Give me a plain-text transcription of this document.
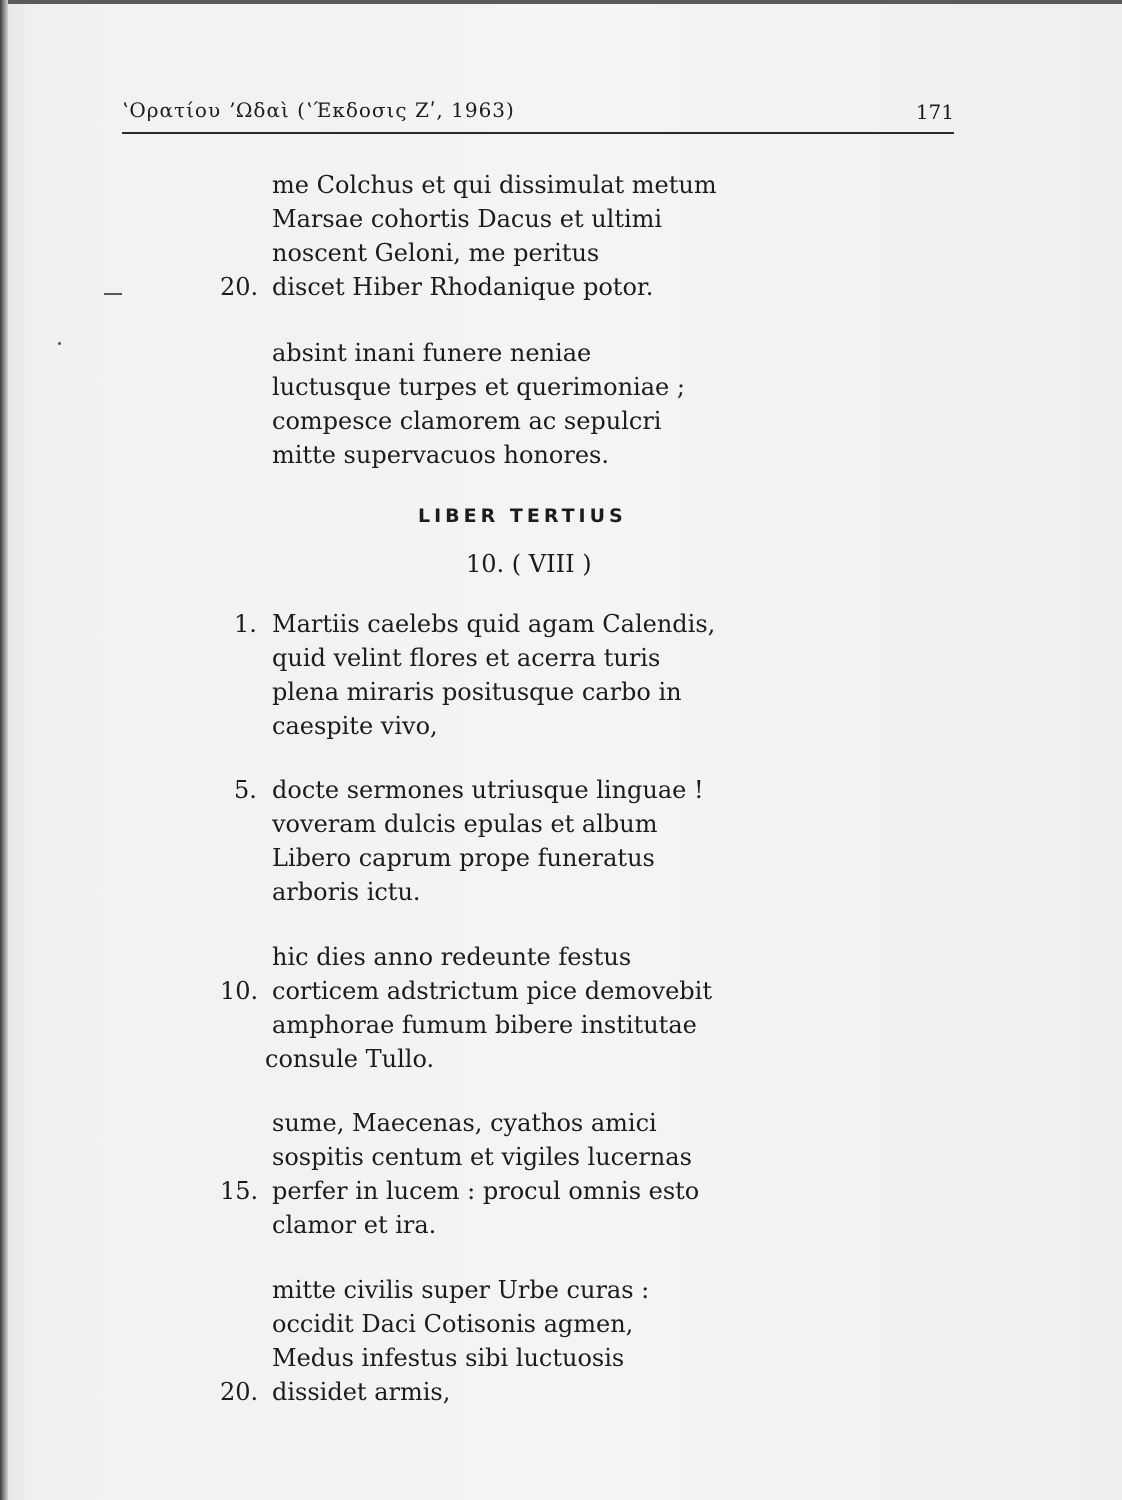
ʽΟρατίου ʼΩδαὶ (ʽΈκδοσις Ζʹ, 1963)	171
me Colchus et qui dissimulat metum
Marsae cohortis Dacus et ultimi
noscent Geloni, me peritus
20. discet Hiber Rhodanique potor.
absint inani funere neniae
luctusque turpes et querimoniae ;
compesce clamorem ac sepulcri
mitte supervacuos honores.
LIBER TERTIUS
10. ( VIII )
1. Martiis caelebs quid agam Calendis,
quid velint flores et acerra turis
plena miraris positusque carbo in
caespite vivo,
5. docte sermones utriusque linguae !
voveram dulcis epulas et album
Libero caprum prope funeratus
arboris ictu.
hic dies anno redeunte festus
10. corticem adstrictum pice demovebit
amphorae fumum bibere institutae
consule Tullo.
sume, Maecenas, cyathos amici
sospitis centum et vigiles lucernas
15. perfer in lucem : procul omnis esto
clamor et ira.
mitte civilis super Urbe curas :
occidit Daci Cotisonis agmen,
Medus infestus sibi luctuosis
20. dissidet armis,
